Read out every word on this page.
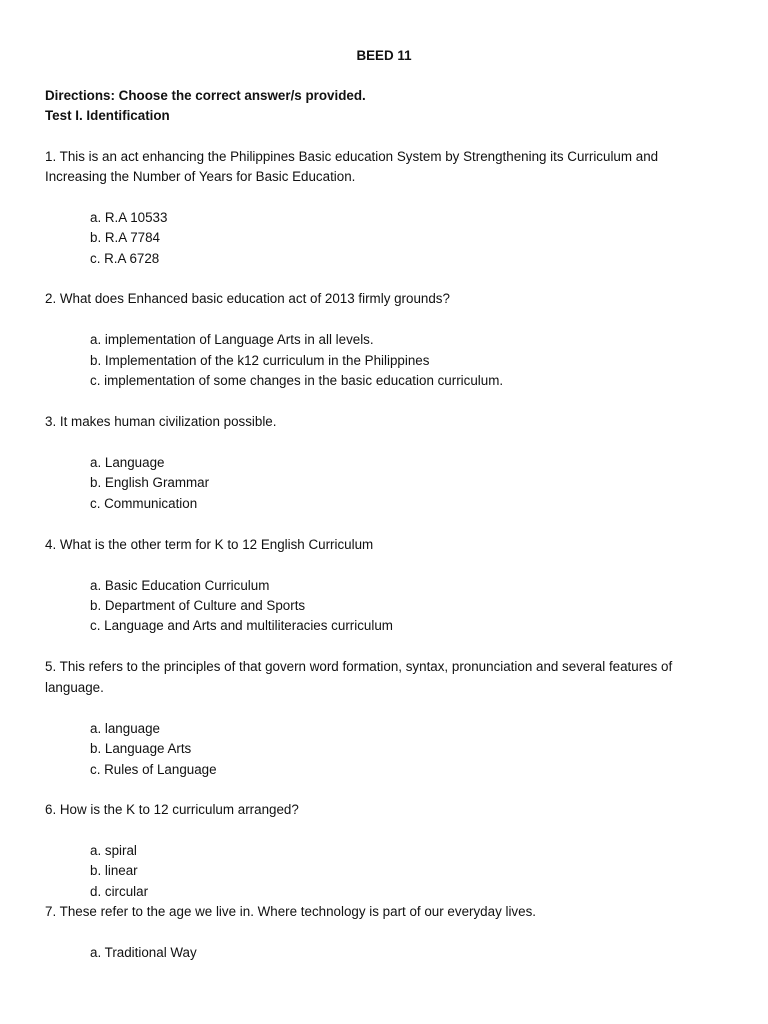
BEED 11
Directions: Choose the correct answer/s provided.
Test I. Identification
1. This is an act enhancing the Philippines Basic education System by Strengthening its Curriculum and
Increasing the Number of Years for Basic Education.
a. R.A 10533
b. R.A 7784
c. R.A 6728
2. What does Enhanced basic education act of 2013 firmly grounds?
a. implementation of Language Arts in all levels.
b. Implementation of the k12 curriculum in the Philippines
c. implementation of some changes in the basic education curriculum.
3. It makes human civilization possible.
a. Language
b. English Grammar
c. Communication
4. What is the other term for K to 12 English Curriculum
a. Basic Education Curriculum
b. Department of Culture and Sports
c. Language and Arts and multiliteracies curriculum
5. This refers to the principles of that govern word formation, syntax, pronunciation and several features of
language.
a. language
b. Language Arts
c. Rules of Language
6. How is the K to 12 curriculum arranged?
a. spiral
b. linear
d. circular
7. These refer to the age we live in. Where technology is part of our everyday lives.
a. Traditional Way
